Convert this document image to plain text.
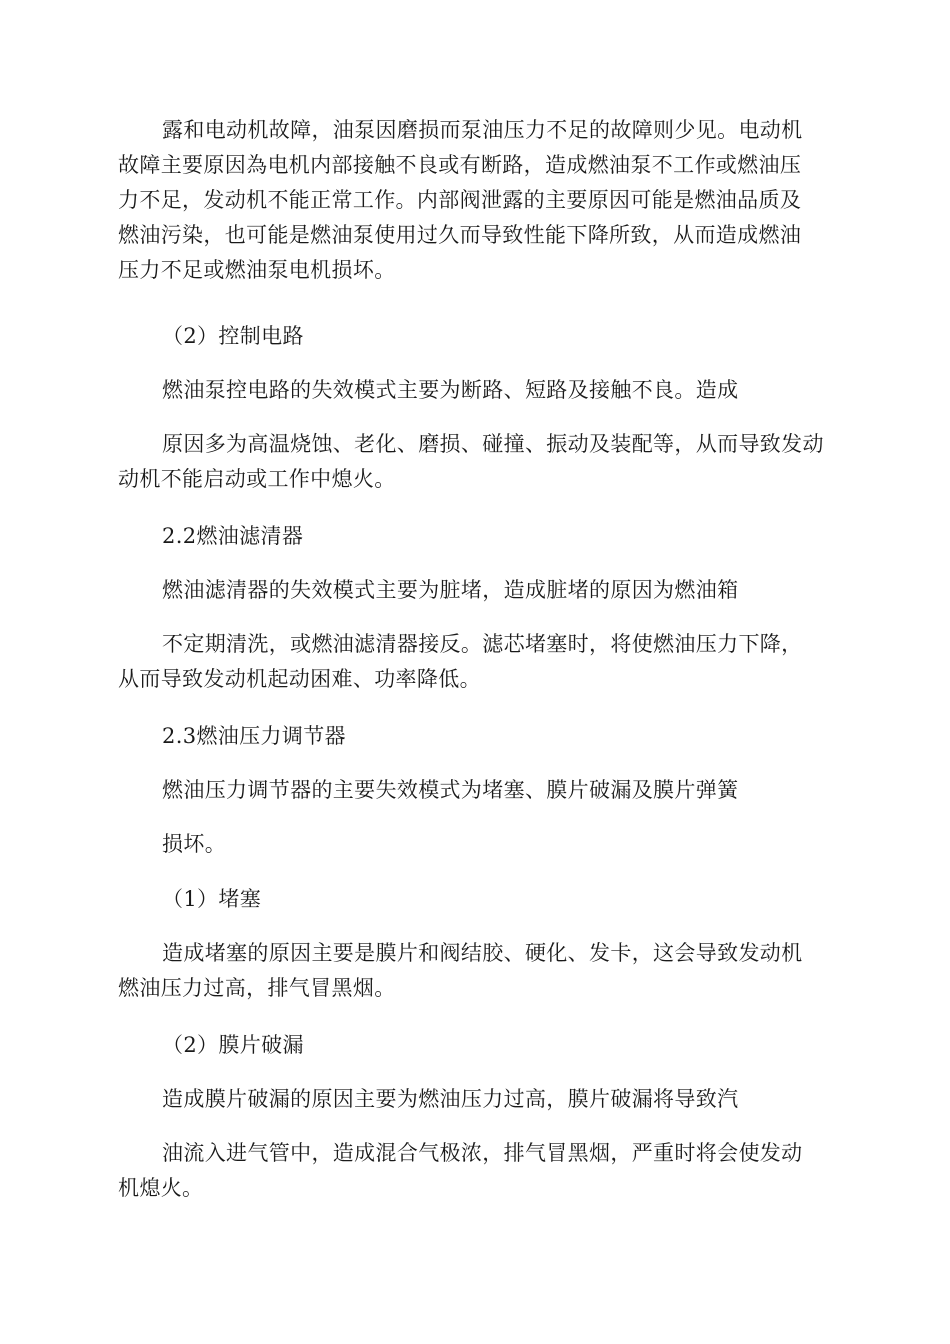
露和电动机故障，油泵因磨损而泵油压力不足的故障则少见。电动机

故障主要原因為电机内部接触不良或有断路，造成燃油泵不工作或燃油压

力不足，发动机不能正常工作。内部阀泄露的主要原因可能是燃油品质及

燃油污染，也可能是燃油泵使用过久而导致性能下降所致，从而造成燃油

压力不足或燃油泵电机损坏。

（2）控制电路

燃油泵控电路的失效模式主要为断路、短路及接触不良。造成

原因多为高温烧蚀、老化、磨损、碰撞、振动及装配等，从而导致发动

动机不能启动或工作中熄火。

2.2燃油滤清器

燃油滤清器的失效模式主要为脏堵，造成脏堵的原因为燃油箱

不定期清洗，或燃油滤清器接反。滤芯堵塞时，将使燃油压力下降，

从而导致发动机起动困难、功率降低。

2.3燃油压力调节器

燃油压力调节器的主要失效模式为堵塞、膜片破漏及膜片弹簧

损坏。

（1）堵塞

造成堵塞的原因主要是膜片和阀结胶、硬化、发卡，这会导致发动机

燃油压力过高，排气冒黑烟。

（2）膜片破漏

造成膜片破漏的原因主要为燃油压力过高，膜片破漏将导致汽

油流入进气管中，造成混合气极浓，排气冒黑烟，严重时将会使发动

机熄火。
